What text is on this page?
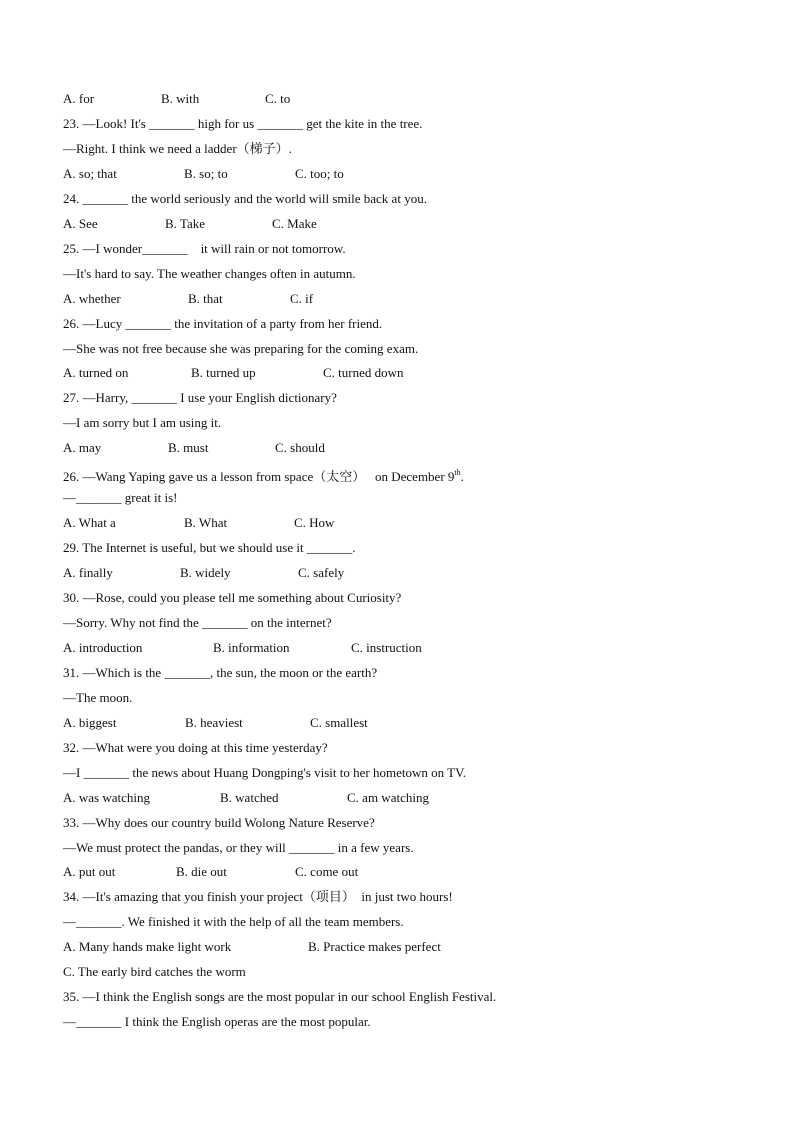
A. for	B. with	C. to
23. —Look! It's _______ high for us _______ get the kite in the tree.
—Right. I think we need a ladder（梯子）.
A. so; that	B. so; to	C. too; to
24. _______ the world seriously and the world will smile back at you.
A. See	B. Take	C. Make
25. —I wonder_______    it will rain or not tomorrow.
—It's hard to say. The weather changes often in autumn.
A. whether	B. that	C. if
26. —Lucy _______ the invitation of a party from her friend.
—She was not free because she was preparing for the coming exam.
A. turned on	B. turned up	C. turned down
27. —Harry, _______ I use your English dictionary?
—I am sorry but I am using it.
A. may	B. must	C. should
26. —Wang Yaping gave us a lesson from space（太空）   on December 9th.
—_______ great it is!
A. What a	B. What	C. How
29. The Internet is useful, but we should use it _______.
A. finally	B. widely	C. safely
30. —Rose, could you please tell me something about Curiosity?
—Sorry. Why not find the _______ on the internet?
A. introduction	B. information	C. instruction
31. —Which is the _______, the sun, the moon or the earth?
—The moon.
A. biggest	B. heaviest	C. smallest
32. —What were you doing at this time yesterday?
—I _______ the news about Huang Dongping's visit to her hometown on TV.
A. was watching	B. watched	C. am watching
33. —Why does our country build Wolong Nature Reserve?
—We must protect the pandas, or they will _______ in a few years.
A. put out	B. die out	C. come out
34. —It's amazing that you finish your project（项目）  in just two hours!
—_______. We finished it with the help of all the team members.
A. Many hands make light work	B. Practice makes perfect
C. The early bird catches the worm
35. —I think the English songs are the most popular in our school English Festival.
—_______ I think the English operas are the most popular.
